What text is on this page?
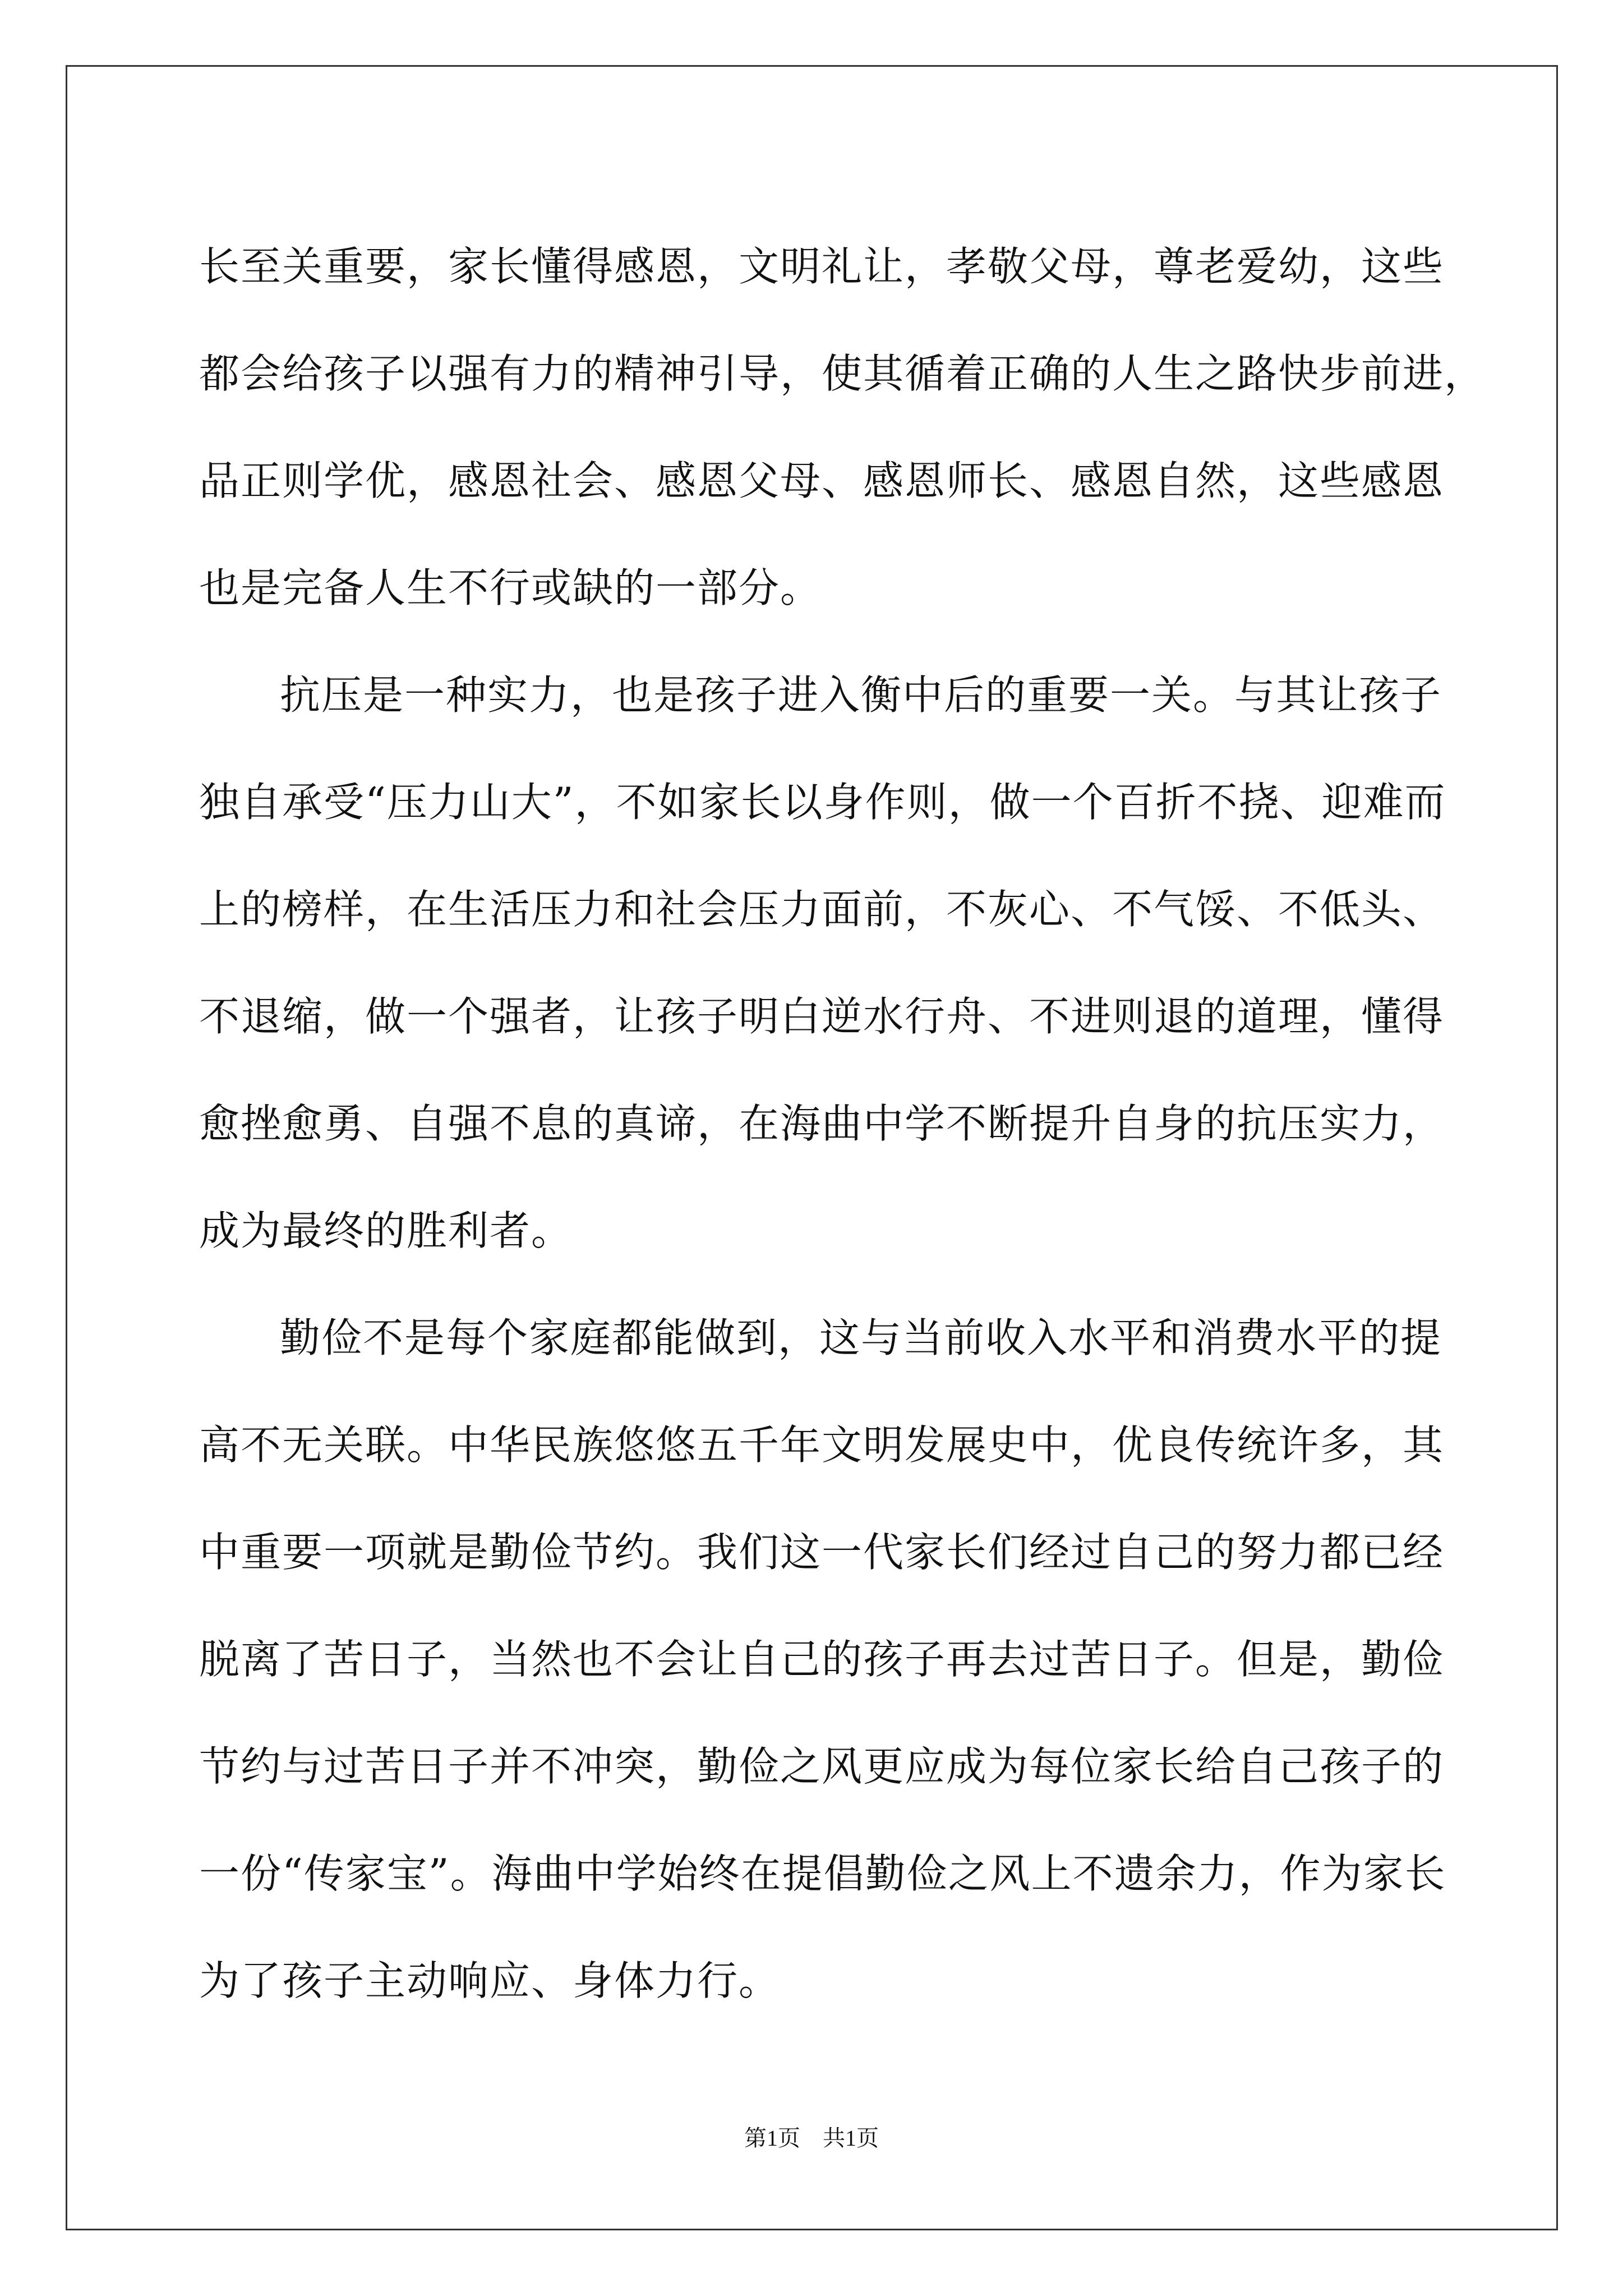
长至关重要，家长懂得感恩，文明礼让，孝敬父母，尊老爱幼，这些
都会给孩子以强有力的精神引导，使其循着正确的人生之路快步前进，
品正则学优，感恩社会、感恩父母、感恩师长、感恩自然，这些感恩
也是完备人生不行或缺的一部分。
抗压是一种实力，也是孩子进入衡中后的重要一关。与其让孩子
独自承受“压力山大”，不如家长以身作则，做一个百折不挠、迎难而
上的榜样，在生活压力和社会压力面前，不灰心、不气馁、不低头、
不退缩，做一个强者，让孩子明白逆水行舟、不进则退的道理，懂得
愈挫愈勇、自强不息的真谛，在海曲中学不断提升自身的抗压实力，
成为最终的胜利者。
勤俭不是每个家庭都能做到，这与当前收入水平和消费水平的提
高不无关联。中华民族悠悠五千年文明发展史中，优良传统许多，其
中重要一项就是勤俭节约。我们这一代家长们经过自己的努力都已经
脱离了苦日子，当然也不会让自己的孩子再去过苦日子。但是，勤俭
节约与过苦日子并不冲突，勤俭之风更应成为每位家长给自己孩子的
一份“传家宝”。海曲中学始终在提倡勤俭之风上不遗余力，作为家长
为了孩子主动响应、身体力行。
第1页 共1页
